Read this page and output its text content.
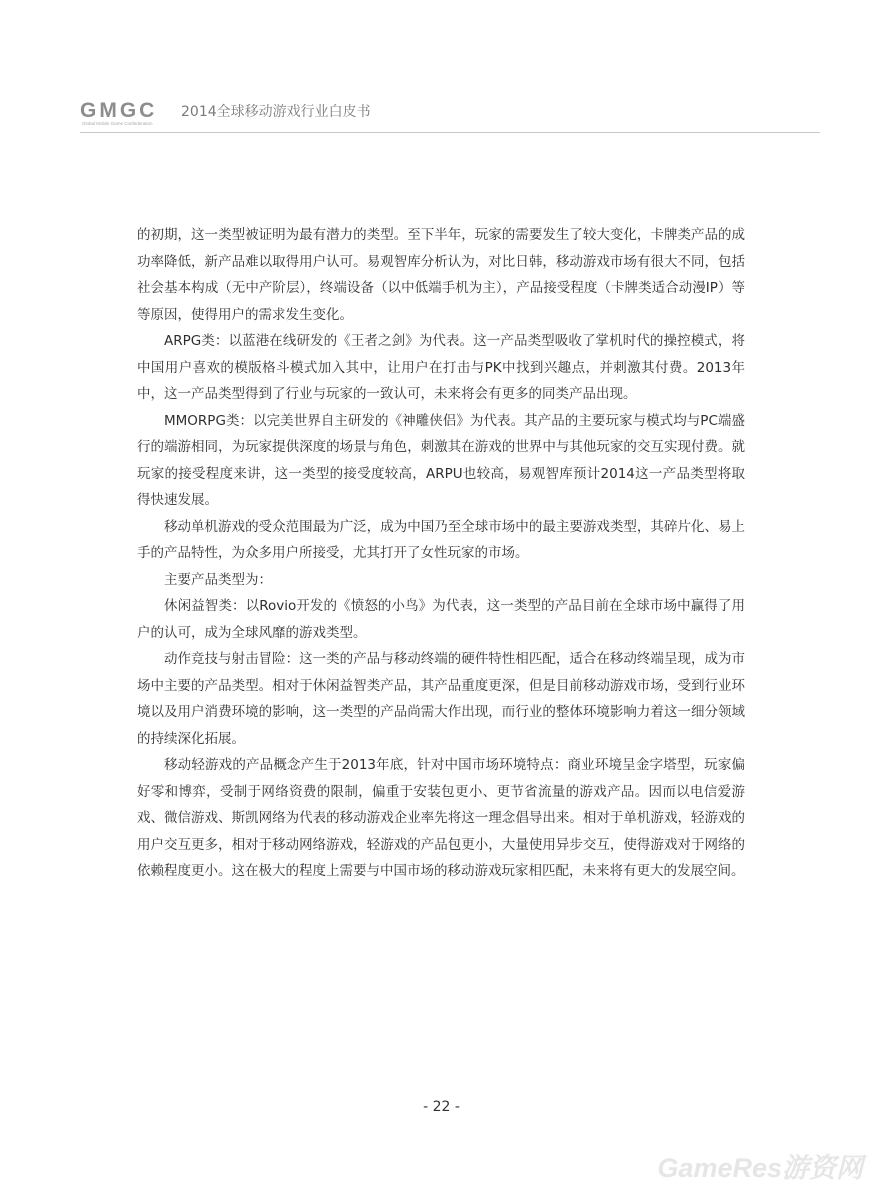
GMGC
Global Mobile Game Confederation
2014全球移动游戏行业白皮书

的初期，这一类型被证明为最有潜力的类型。至下半年，玩家的需要发生了较大变化，卡牌类产品的成功率降低，新产品难以取得用户认可。易观智库分析认为，对比日韩，移动游戏市场有很大不同，包括社会基本构成（无中产阶层），终端设备（以中低端手机为主），产品接受程度（卡牌类适合动漫IP）等等原因，使得用户的需求发生变化。

ARPG类：以蓝港在线研发的《王者之剑》为代表。这一产品类型吸收了掌机时代的操控模式，将中国用户喜欢的模版格斗模式加入其中，让用户在打击与PK中找到兴趣点，并刺激其付费。2013年中，这一产品类型得到了行业与玩家的一致认可，未来将会有更多的同类产品出现。

MMORPG类：以完美世界自主研发的《神雕侠侣》为代表。其产品的主要玩家与模式均与PC端盛行的端游相同，为玩家提供深度的场景与角色，刺激其在游戏的世界中与其他玩家的交互实现付费。就玩家的接受程度来讲，这一类型的接受度较高，ARPU也较高，易观智库预计2014这一产品类型将取得快速发展。

移动单机游戏的受众范围最为广泛，成为中国乃至全球市场中的最主要游戏类型，其碎片化、易上手的产品特性，为众多用户所接受，尤其打开了女性玩家的市场。

主要产品类型为：

休闲益智类：以Rovio开发的《愤怒的小鸟》为代表，这一类型的产品目前在全球市场中赢得了用户的认可，成为全球风靡的游戏类型。

动作竞技与射击冒险：这一类的产品与移动终端的硬件特性相匹配，适合在移动终端呈现，成为市场中主要的产品类型。相对于休闲益智类产品，其产品重度更深，但是目前移动游戏市场，受到行业环境以及用户消费环境的影响，这一类型的产品尚需大作出现，而行业的整体环境影响力着这一细分领域的持续深化拓展。

移动轻游戏的产品概念产生于2013年底，针对中国市场环境特点：商业环境呈金字塔型，玩家偏好零和博弈，受制于网络资费的限制，偏重于安装包更小、更节省流量的游戏产品。因而以电信爱游戏、微信游戏、斯凯网络为代表的移动游戏企业率先将这一理念倡导出来。相对于单机游戏，轻游戏的用户交互更多，相对于移动网络游戏，轻游戏的产品包更小，大量使用异步交互，使得游戏对于网络的依赖程度更小。这在极大的程度上需要与中国市场的移动游戏玩家相匹配，未来将有更大的发展空间。

- 22 -
GameRes游资网
